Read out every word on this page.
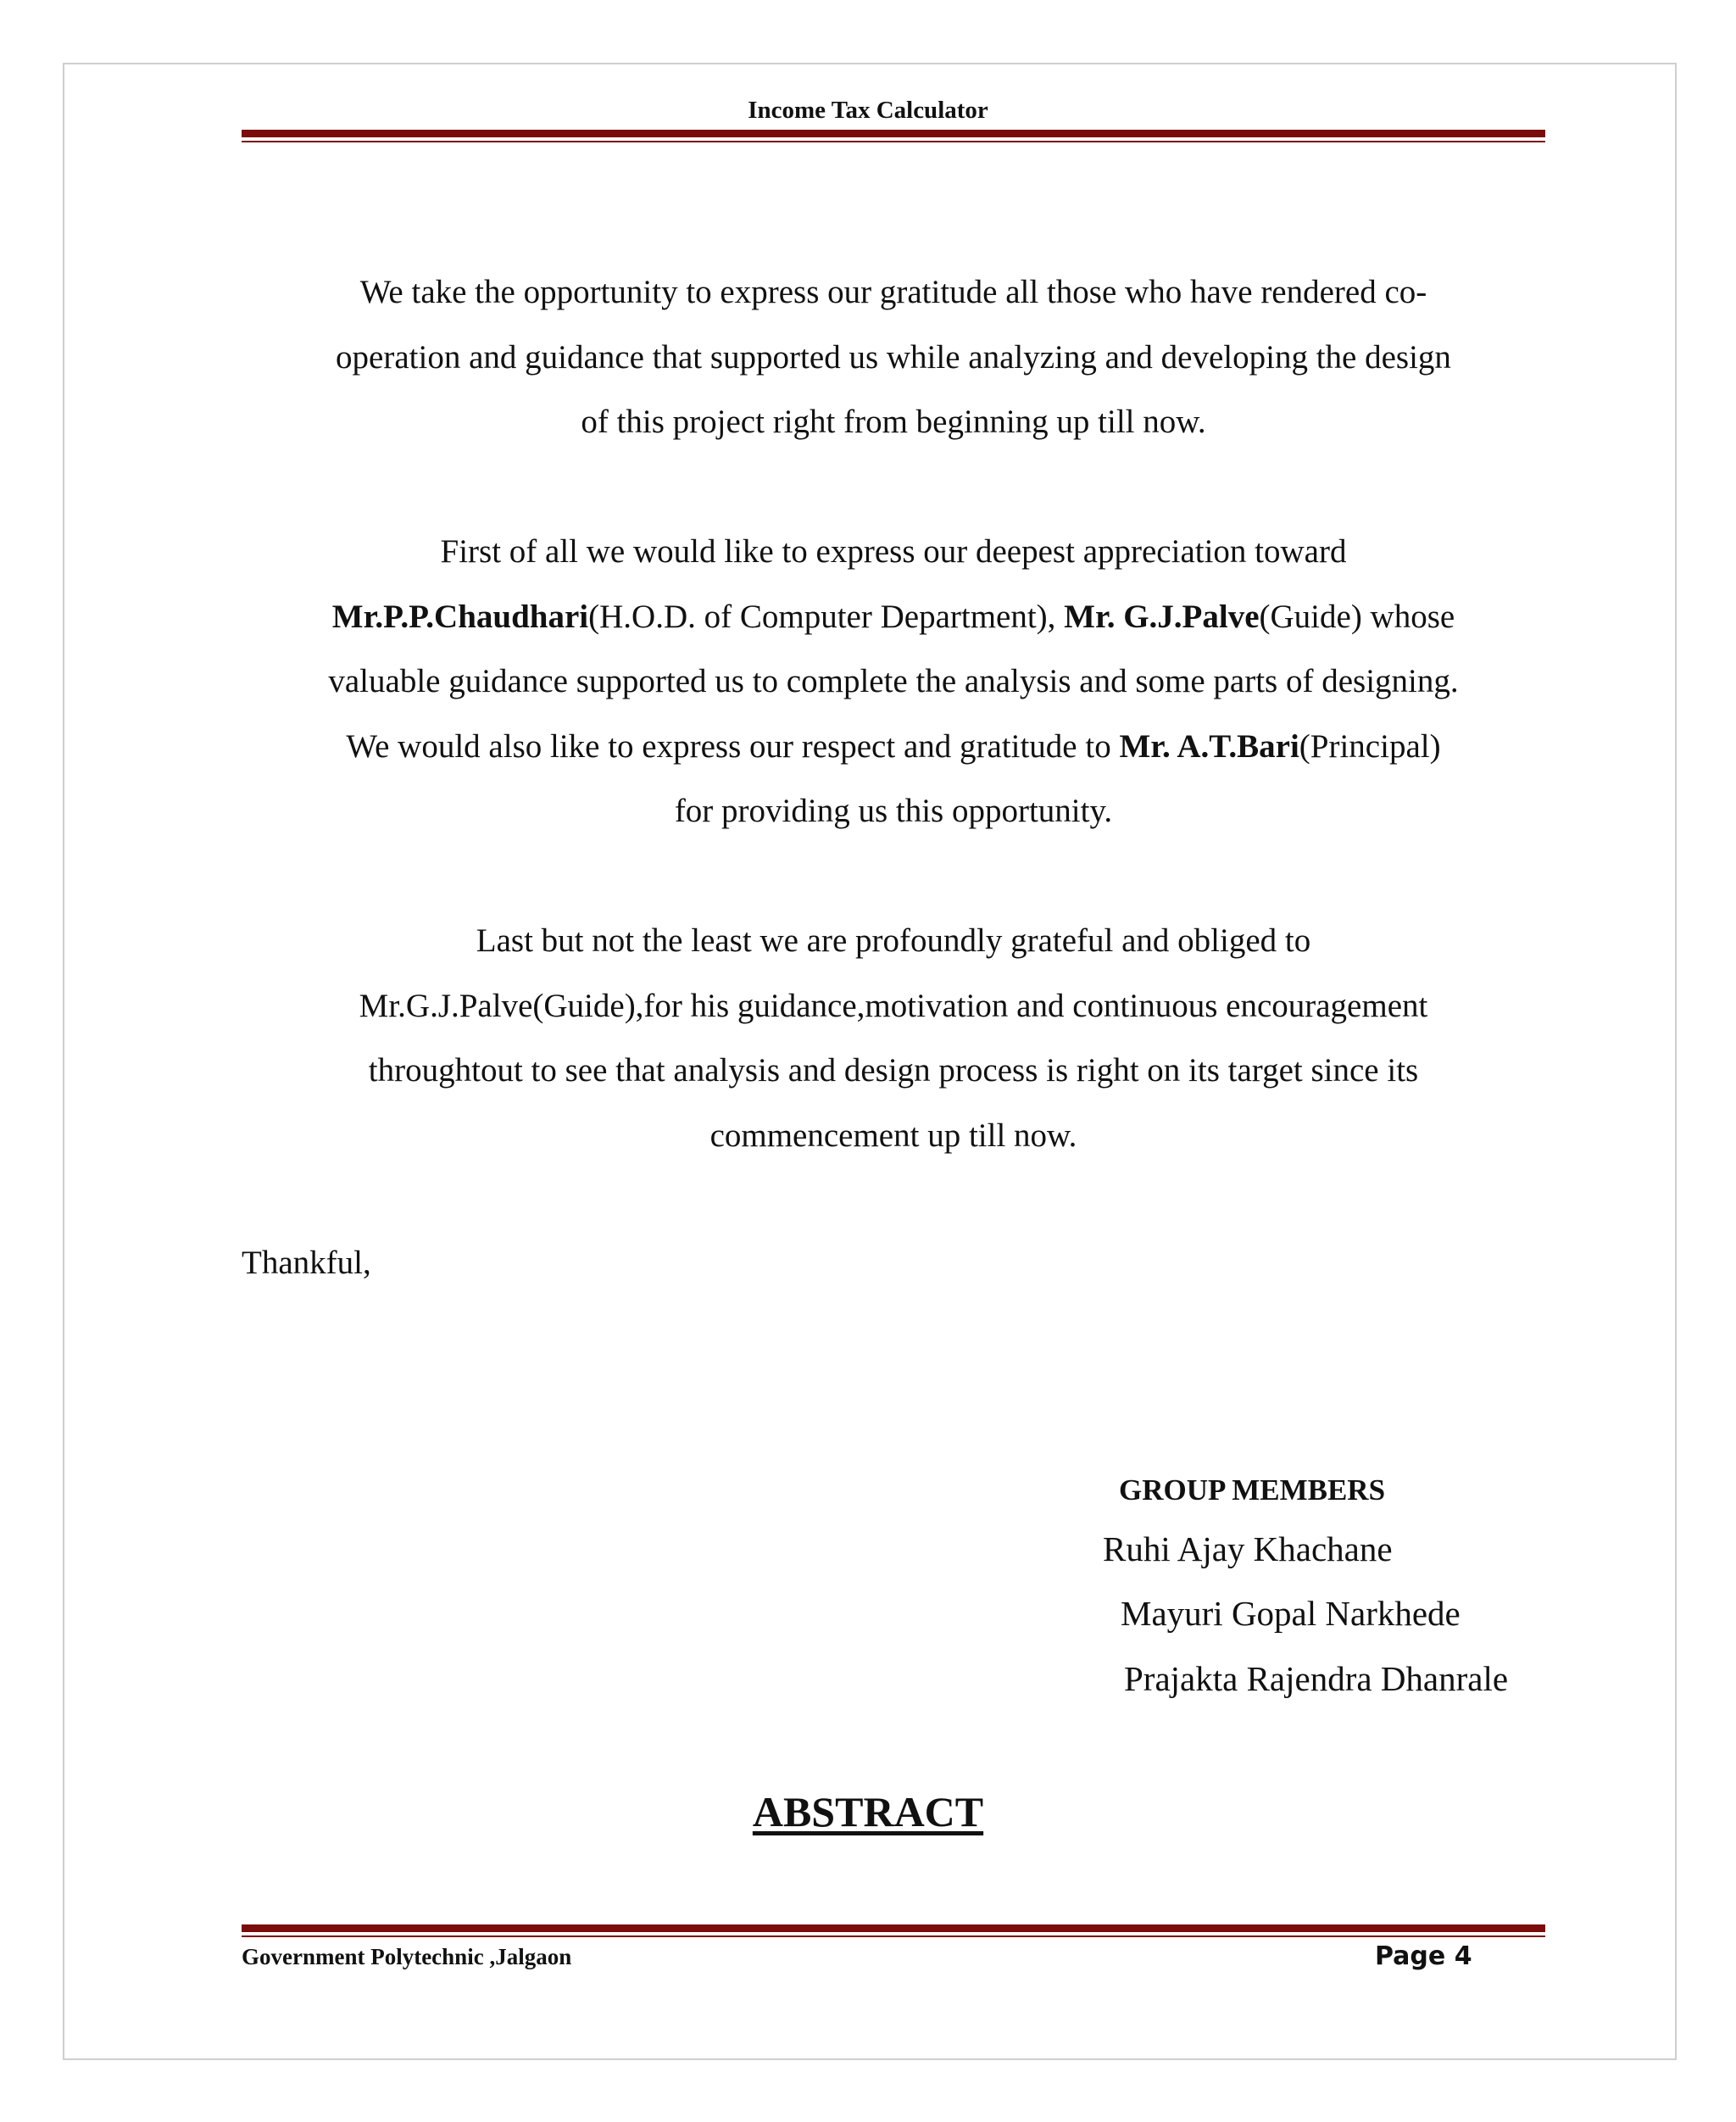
Income Tax Calculator
We take the opportunity to express our gratitude all those who have rendered co-
operation and guidance that supported us while analyzing and developing the design
of this project right from beginning up till now.
First of all we would like to express our deepest appreciation toward
Mr.P.P.Chaudhari(H.O.D. of Computer Department), Mr. G.J.Palve(Guide) whose
valuable guidance supported us to complete the analysis and some parts of designing.
We would also like to express our respect and gratitude to Mr. A.T.Bari(Principal)
for providing us this opportunity.
Last but not the least we are profoundly grateful and obliged to
Mr.G.J.Palve(Guide),for his guidance,motivation and continuous encouragement
throughtout to see that analysis and design process is right on its target since its
commencement up till now.
Thankful,
GROUP MEMBERS
Ruhi Ajay Khachane
Mayuri Gopal Narkhede
Prajakta Rajendra Dhanrale
ABSTRACT
Government Polytechnic ,Jalgaon	Page 4
